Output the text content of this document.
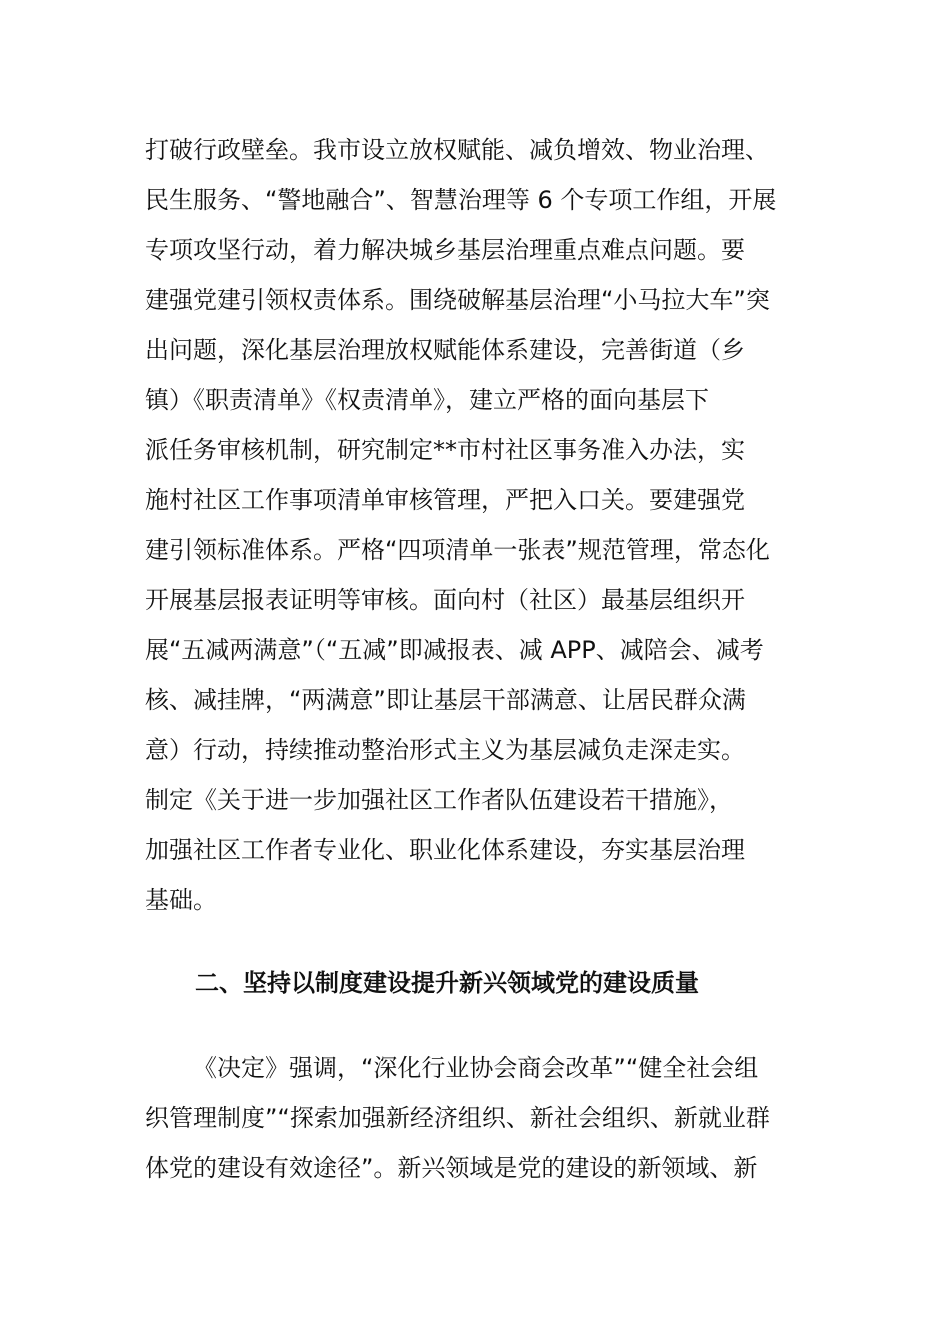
打破行政壁垒。我市设立放权赋能、减负增效、物业治理、
民生服务、“警地融合”、智慧治理等 6 个专项工作组，开展
专项攻坚行动，着力解决城乡基层治理重点难点问题。要
建强党建引领权责体系。围绕破解基层治理“小马拉大车”突
出问题，深化基层治理放权赋能体系建设，完善街道（乡
镇）《职责清单》《权责清单》，建立严格的面向基层下
派任务审核机制，研究制定**市村社区事务准入办法，实
施村社区工作事项清单审核管理，严把入口关。要建强党
建引领标准体系。严格“四项清单一张表”规范管理，常态化
开展基层报表证明等审核。面向村（社区）最基层组织开
展“五减两满意”（“五减”即减报表、减 APP、减陪会、减考
核、减挂牌，“两满意”即让基层干部满意、让居民群众满
意）行动，持续推动整治形式主义为基层减负走深走实。
制定《关于进一步加强社区工作者队伍建设若干措施》，
加强社区工作者专业化、职业化体系建设，夯实基层治理
基础。
二、坚持以制度建设提升新兴领域党的建设质量
《决定》强调，“深化行业协会商会改革”“健全社会组
织管理制度”“探索加强新经济组织、新社会组织、新就业群
体党的建设有效途径”。新兴领域是党的建设的新领域、新
